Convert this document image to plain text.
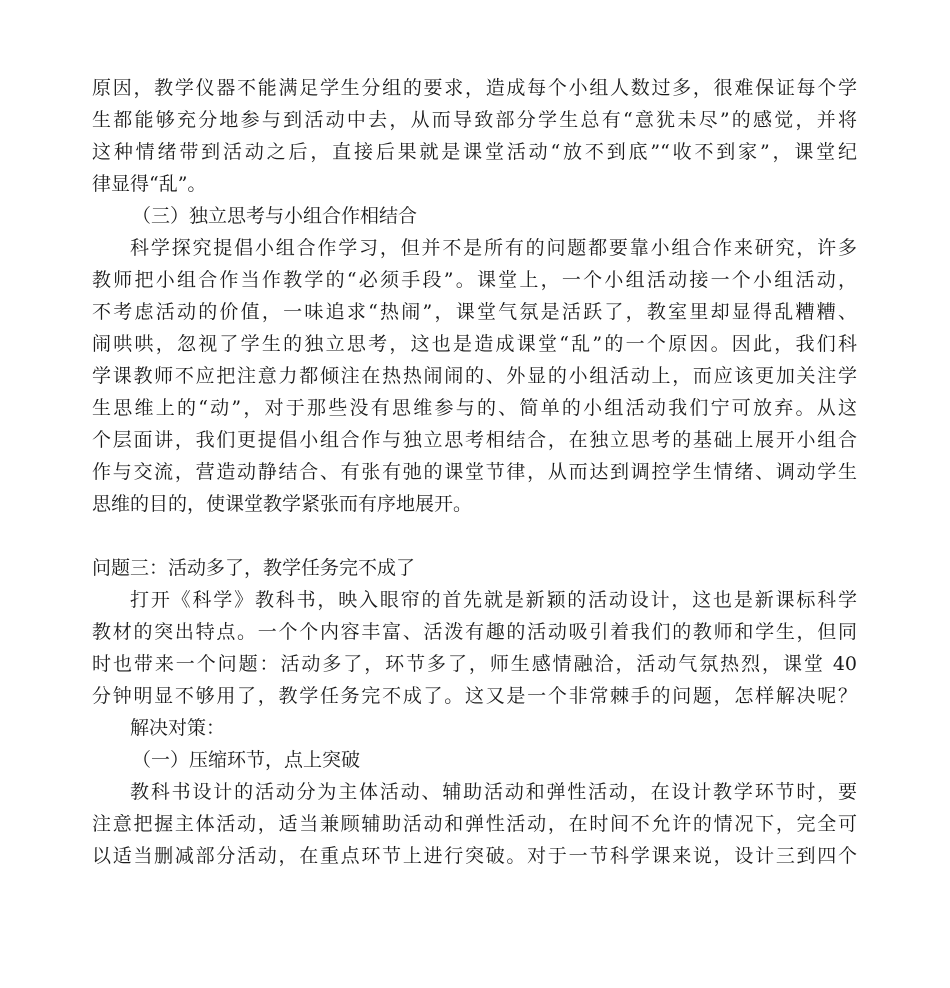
原因，教学仪器不能满足学生分组的要求，造成每个小组人数过多，很难保证每个学
生都能够充分地参与到活动中去，从而导致部分学生总有“意犹未尽”的感觉，并将
这种情绪带到活动之后，直接后果就是课堂活动“放不到底”“收不到家”，课堂纪
律显得“乱”。
（三）独立思考与小组合作相结合
科学探究提倡小组合作学习，但并不是所有的问题都要靠小组合作来研究，许多
教师把小组合作当作教学的“必须手段”。课堂上，一个小组活动接一个小组活动，
不考虑活动的价值，一味追求“热闹”，课堂气氛是活跃了，教室里却显得乱糟糟、
闹哄哄，忽视了学生的独立思考，这也是造成课堂“乱”的一个原因。因此，我们科
学课教师不应把注意力都倾注在热热闹闹的、外显的小组活动上，而应该更加关注学
生思维上的“动”，对于那些没有思维参与的、简单的小组活动我们宁可放弃。从这
个层面讲，我们更提倡小组合作与独立思考相结合，在独立思考的基础上展开小组合
作与交流，营造动静结合、有张有弛的课堂节律，从而达到调控学生情绪、调动学生
思维的目的，使课堂教学紧张而有序地展开。
问题三：活动多了，教学任务完不成了
打开《科学》教科书，映入眼帘的首先就是新颖的活动设计，这也是新课标科学
教材的突出特点。一个个内容丰富、活泼有趣的活动吸引着我们的教师和学生，但同
时也带来一个问题：活动多了，环节多了，师生感情融洽，活动气氛热烈，课堂 40
分钟明显不够用了，教学任务完不成了。这又是一个非常棘手的问题，怎样解决呢？
解决对策：
（一）压缩环节，点上突破
教科书设计的活动分为主体活动、辅助活动和弹性活动，在设计教学环节时，要
注意把握主体活动，适当兼顾辅助活动和弹性活动，在时间不允许的情况下，完全可
以适当删减部分活动，在重点环节上进行突破。对于一节科学课来说，设计三到四个
